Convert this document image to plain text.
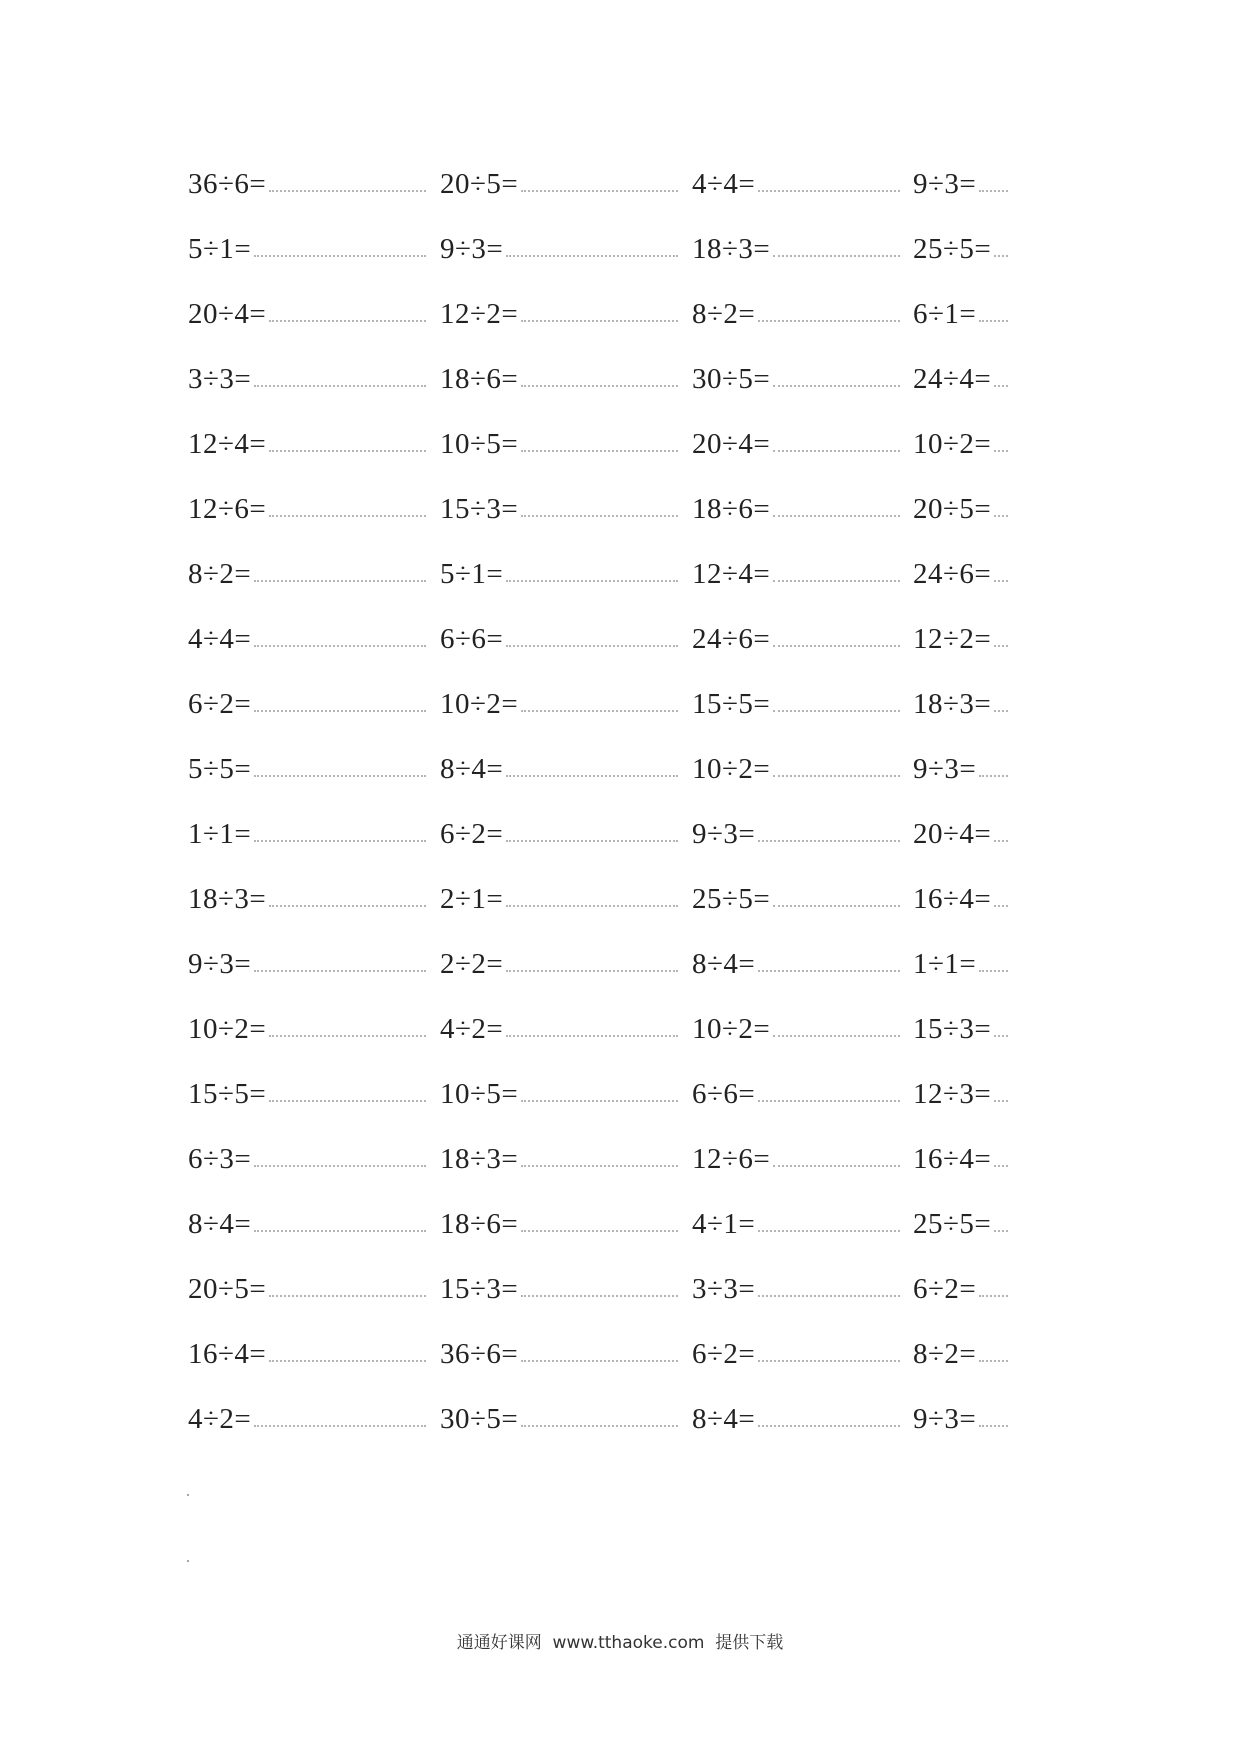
36÷6=	20÷5=	4÷4=	9÷3=
5÷1=	9÷3=	18÷3=	25÷5=
20÷4=	12÷2=	8÷2=	6÷1=
3÷3=	18÷6=	30÷5=	24÷4=
12÷4=	10÷5=	20÷4=	10÷2=
12÷6=	15÷3=	18÷6=	20÷5=
8÷2=	5÷1=	12÷4=	24÷6=
4÷4=	6÷6=	24÷6=	12÷2=
6÷2=	10÷2=	15÷5=	18÷3=
5÷5=	8÷4=	10÷2=	9÷3=
1÷1=	6÷2=	9÷3=	20÷4=
18÷3=	2÷1=	25÷5=	16÷4=
9÷3=	2÷2=	8÷4=	1÷1=
10÷2=	4÷2=	10÷2=	15÷3=
15÷5=	10÷5=	6÷6=	12÷3=
6÷3=	18÷3=	12÷6=	16÷4=
8÷4=	18÷6=	4÷1=	25÷5=
20÷5=	15÷3=	3÷3=	6÷2=
16÷4=	36÷6=	6÷2=	8÷2=
4÷2=	30÷5=	8÷4=	9÷3=
通通好课网  www.tthaoke.com  提供下载
